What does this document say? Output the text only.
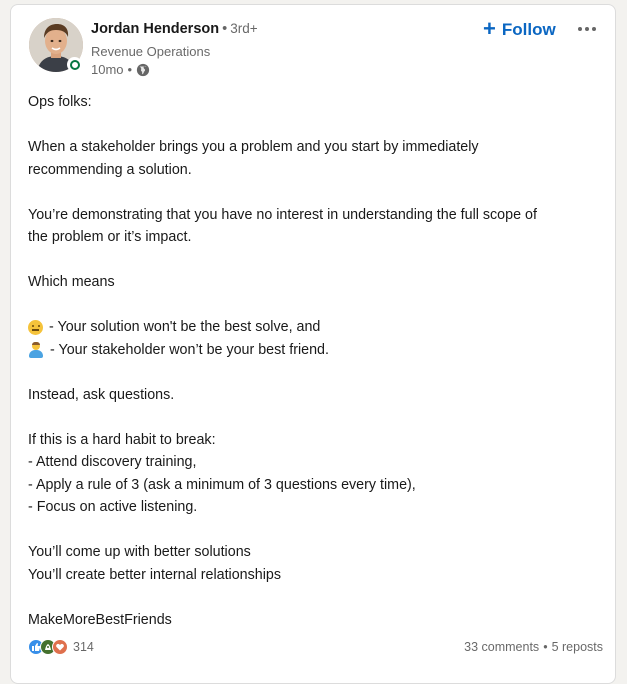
Jordan Henderson • 3rd+
Revenue Operations
10mo •
+ Follow
Ops folks:
When a stakeholder brings you a problem and you start by immediately
recommending a solution.
You’re demonstrating that you have no interest in understanding the full scope of
the problem or it’s impact.
Which means
- Your solution won't be the best solve, and
- Your stakeholder won’t be your best friend.
Instead, ask questions.
If this is a hard habit to break:
- Attend discovery training,
- Apply a rule of 3 (ask a minimum of 3 questions every time),
- Focus on active listening.
You’ll come up with better solutions
You’ll create better internal relationships
MakeMoreBestFriends
314	33 comments • 5 reposts
